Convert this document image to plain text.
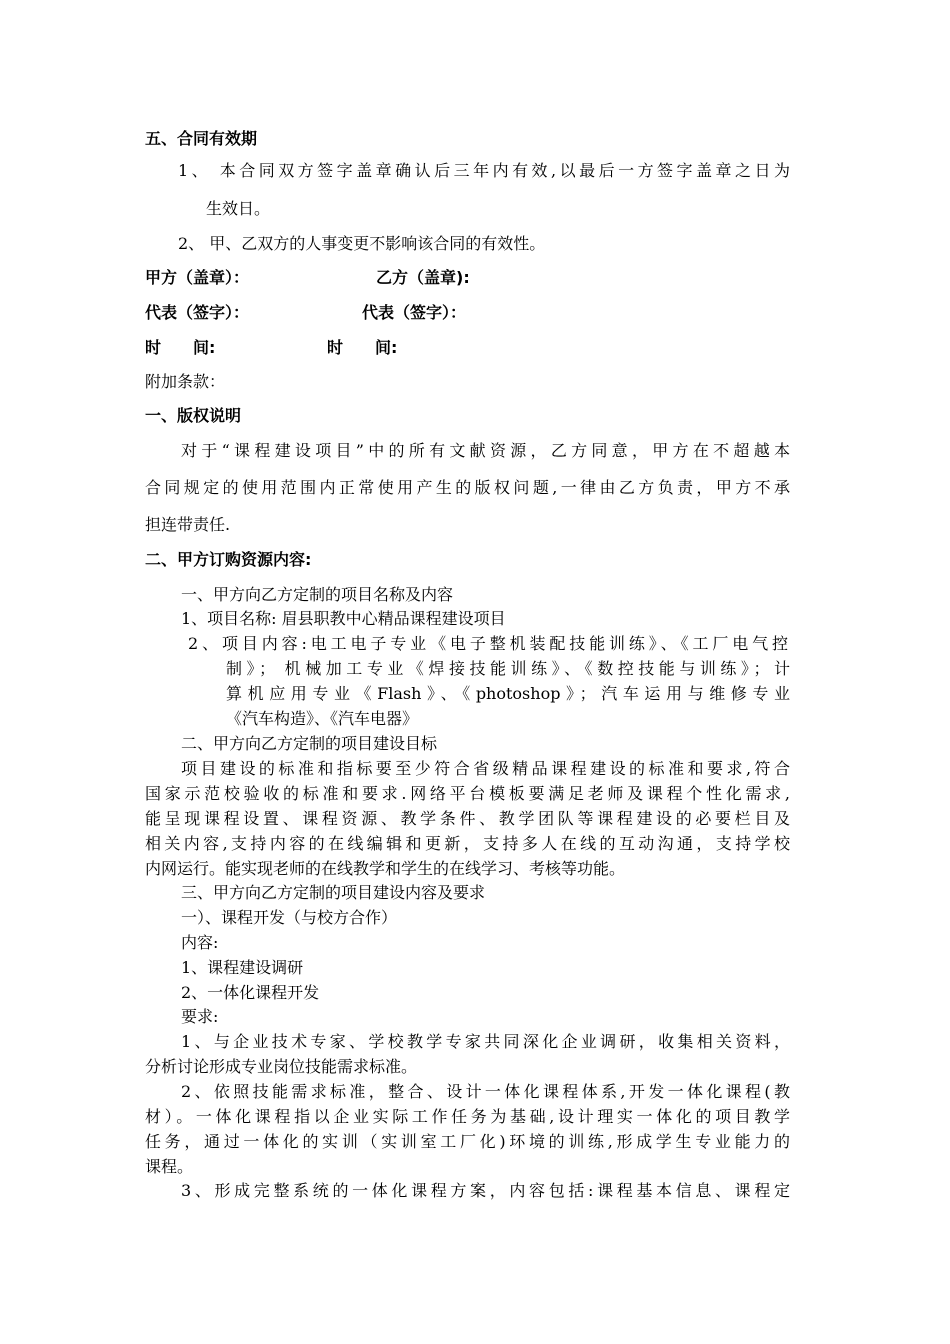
五、合同有效期
1、 本合同双方签字盖章确认后三年内有效,以最后一方签字盖章之日为
生效日。
2、 甲、乙双方的人事变更不影响该合同的有效性。
甲方（盖章）：	乙方（盖章):
代表（签字）：	代表（签字）：
时　　间:	时　　间:
附加条款：
一、版权说明
对于“课程建设项目”中的所有文献资源，乙方同意，甲方在不超越本
合同规定的使用范围内正常使用产生的版权问题,一律由乙方负责，甲方不承
担连带责任.
二、甲方订购资源内容:
一、甲方向乙方定制的项目名称及内容
1、项目名称: 眉县职教中心精品课程建设项目
2、项目内容:电工电子专业《电子整机装配技能训练》、《工厂电气控
制》； 机械加工专业《焊接技能训练》、《数控技能与训练》；计
算机应用专业《Flash》、《photoshop》；汽车运用与维修专业
《汽车构造》、《汽车电器》
二、甲方向乙方定制的项目建设目标
项目建设的标准和指标要至少符合省级精品课程建设的标准和要求,符合
国家示范校验收的标准和要求.网络平台模板要满足老师及课程个性化需求,
能呈现课程设置、课程资源、教学条件、教学团队等课程建设的必要栏目及
相关内容,支持内容的在线编辑和更新，支持多人在线的互动沟通，支持学校
内网运行。能实现老师的在线教学和学生的在线学习、考核等功能。
三、甲方向乙方定制的项目建设内容及要求
一）、课程开发（与校方合作）
内容:
1、课程建设调研
2、一体化课程开发
要求:
1、与企业技术专家、学校教学专家共同深化企业调研，收集相关资料，
分析讨论形成专业岗位技能需求标准。
2、依照技能需求标准，整合、设计一体化课程体系,开发一体化课程(教
材）。一体化课程指以企业实际工作任务为基础,设计理实一体化的项目教学
任务，通过一体化的实训（实训室工厂化)环境的训练,形成学生专业能力的
课程。
3、形成完整系统的一体化课程方案，内容包括:课程基本信息、课程定
